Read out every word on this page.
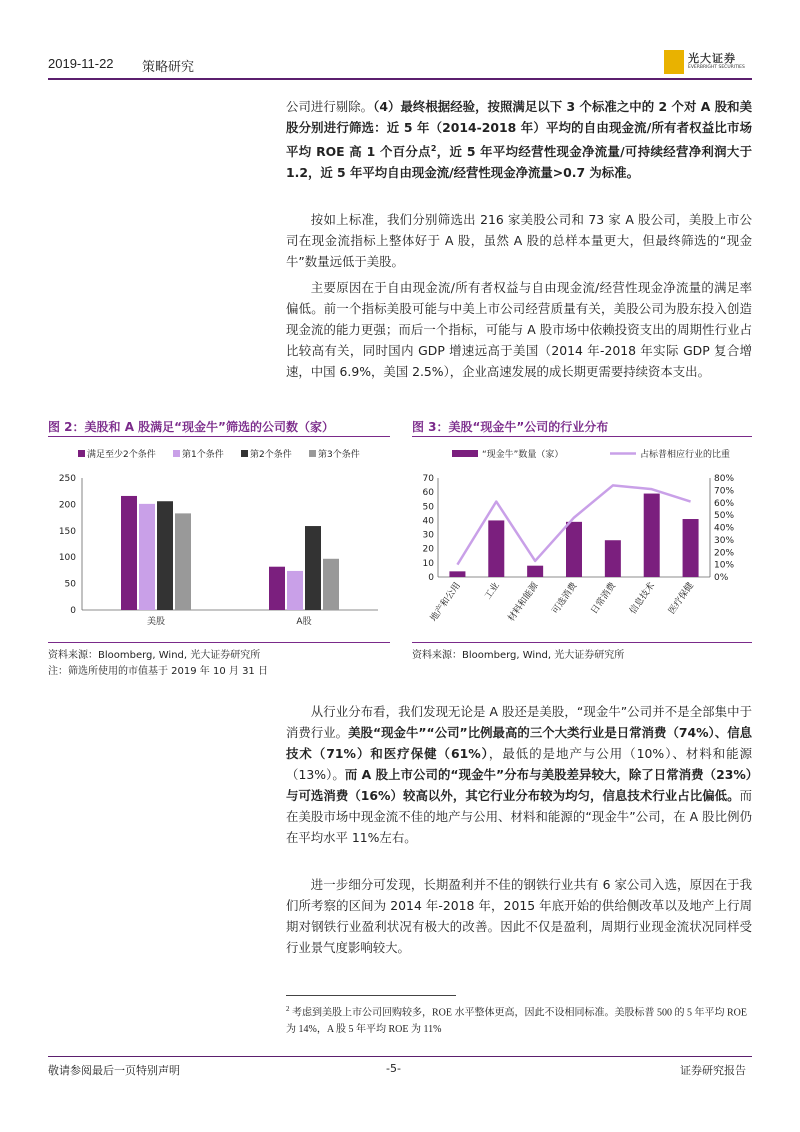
2019-11-22 策略研究
光大证券
EVERBRIGHT SECURITIES

公司进行剔除。（4）最终根据经验，按照满足以下 3 个标准之中的 2 个对 A 股和美股分别进行筛选：近 5 年（2014-2018 年）平均的自由现金流/所有者权益比市场平均 ROE 高 1 个百分点$^2$，近 5 年平均经营性现金净流量/可持续经营净利润大于 1.2，近 5 年平均自由现金流/经营性现金净流量>0.7 为标准。

按如上标准，我们分别筛选出 216 家美股公司和 73 家 A 股公司，美股上市公司在现金流指标上整体好于 A 股，虽然 A 股的总样本量更大，但最终筛选的“现金牛”数量远低于美股。

主要原因在于自由现金流/所有者权益与自由现金流/经营性现金净流量的满足率偏低。前一个指标美股可能与中美上市公司经营质量有关，美股公司为股东投入创造现金流的能力更强；而后一个指标，可能与 A 股市场中依赖投资支出的周期性行业占比较高有关，同时国内 GDP 增速远高于美国（2014 年-2018 年实际 GDP 复合增速，中国 6.9%，美国 2.5%），企业高速发展的成长期更需要持续资本支出。

图 2：美股和 A 股满足“现金牛”筛选的公司数（家）
满足至少2个条件	第1个条件	第2个条件	第3个条件
0
50
100
150
200
250
美股	A股
资料来源：Bloomberg, Wind, 光大证券研究所
注：筛选所使用的市值基于 2019 年 10 月 31 日
图 3：美股“现金牛”公司的行业分布
“现金牛”数量（家）	占标普相应行业的比重
0
10
20
30
40
50
60
70
0%
10%
20%
30%
40%
50%
60%
70%
80%
地产和公用 工业 材料和能源 可选消费 日常消费 信息技术 医疗保健
资料来源：Bloomberg, Wind, 光大证券研究所

从行业分布看，我们发现无论是 A 股还是美股，“现金牛”公司并不是全部集中于消费行业。美股“现金牛”“公司”比例最高的三个大类行业是日常消费（74%）、信息技术（71%）和医疗保健（61%），最低的是地产与公用（10%）、材料和能源（13%）。而 A 股上市公司的“现金牛”分布与美股差异较大，除了日常消费（23%）与可选消费（16%）较高以外，其它行业分布较为均匀，信息技术行业占比偏低。而在美股市场中现金流不佳的地产与公用、材料和能源的“现金牛”公司，在 A 股比例仍在平均水平 11%左右。

进一步细分可发现，长期盈利并不佳的钢铁行业共有 6 家公司入选，原因在于我们所考察的区间为 2014 年-2018 年，2015 年底开始的供给侧改革以及地产上行周期对钢铁行业盈利状况有极大的改善。因此不仅是盈利，周期行业现金流状况同样受行业景气度影响较大。

$^2$ 考虑到美股上市公司回购较多，ROE 水平整体更高，因此不设相同标准。美股标普 500 的 5 年平均 ROE 为 14%，A 股 5 年平均 ROE 为 11%
敬请参阅最后一页特别声明	-5-	证券研究报告
